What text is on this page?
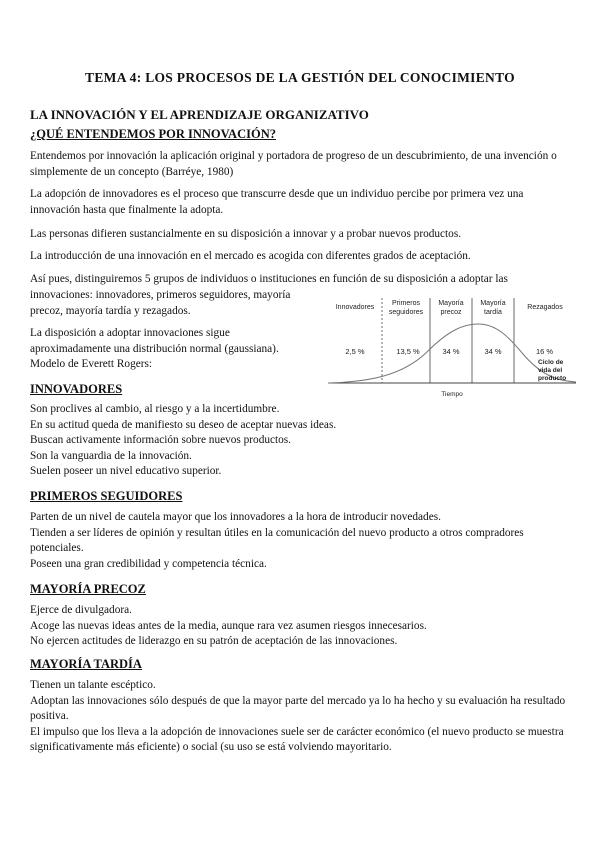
TEMA 4: LOS PROCESOS DE LA GESTIÓN DEL CONOCIMIENTO
LA INNOVACIÓN Y EL APRENDIZAJE ORGANIZATIVO
¿QUÉ ENTENDEMOS POR INNOVACIÓN?

Entendemos por innovación la aplicación original y portadora de progreso de un descubrimiento, de una invención o simplemente de un concepto (Barréye, 1980)

La adopción de innovadores es el proceso que transcurre desde que un individuo percibe por primera vez una innovación hasta que finalmente la adopta.

Las personas difieren sustancialmente en su disposición a innovar y a probar nuevos productos.

La introducción de una innovación en el mercado es acogida con diferentes grados de aceptación.

Así pues, distinguiremos 5 grupos de individuos o instituciones en función de su disposición a adoptar las

innovaciones: innovadores, primeros seguidores, mayoría

precoz, mayoría tardía y rezagados.

La disposición a adoptar innovaciones sigue
aproximadamente una distribución normal (gaussiana).
Modelo de Everett Rogers:

Innovadores
Primeros
seguidores
Mayoría
precoz
Mayoría
tardía
Rezagados
2,5 %	13,5 %	34 %	34 %	16 %
Ciclo de
vida del
producto
Tiempo
INNOVADORES

Son proclives al cambio, al riesgo y a la incertidumbre.
En su actitud queda de manifiesto su deseo de aceptar nuevas ideas.
Buscan activamente información sobre nuevos productos.
Son la vanguardia de la innovación.
Suelen poseer un nivel educativo superior.

PRIMEROS SEGUIDORES

Parten de un nivel de cautela mayor que los innovadores a la hora de introducir novedades.
Tienden a ser líderes de opinión y resultan útiles en la comunicación del nuevo producto a otros compradores potenciales.
Poseen una gran credibilidad y competencia técnica.

MAYORÍA PRECOZ

Ejerce de divulgadora.
Acoge las nuevas ideas antes de la media, aunque rara vez asumen riesgos innecesarios.
No ejercen actitudes de liderazgo en su patrón de aceptación de las innovaciones.

MAYORÍA TARDÍA

Tienen un talante escéptico.
Adoptan las innovaciones sólo después de que la mayor parte del mercado ya lo ha hecho y su evaluación ha resultado positiva.
El impulso que los lleva a la adopción de innovaciones suele ser de carácter económico (el nuevo producto se muestra significativamente más eficiente) o social (su uso se está volviendo mayoritario.
